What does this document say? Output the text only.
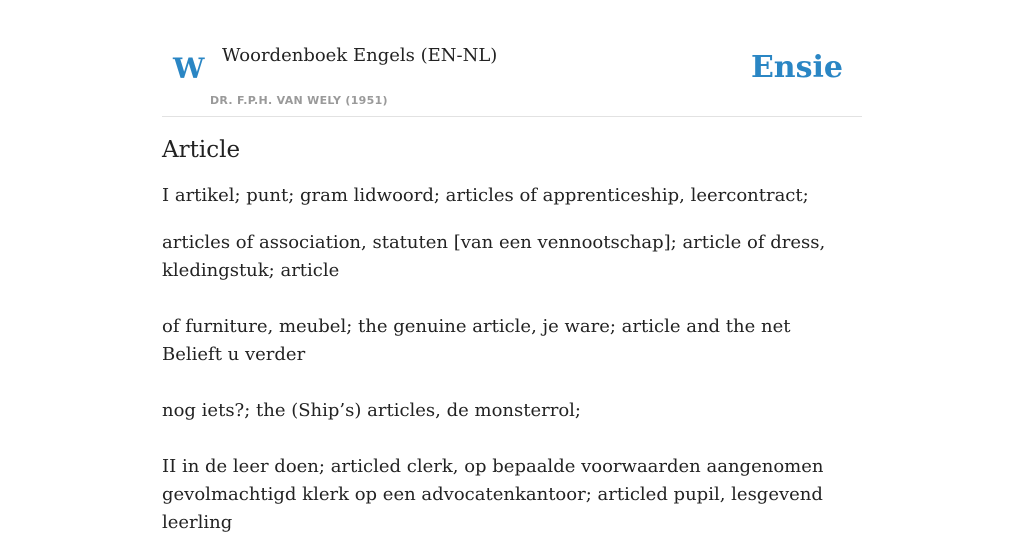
W Woordenboek Engels (EN-NL)
DR. F.P.H. VAN WELY (1951)
Ensie
Article

I artikel; punt; gram lidwoord; articles of apprenticeship, leercontract;

articles of association, statuten [van een vennootschap]; article of dress, kledingstuk; article

of furniture, meubel; the genuine article, je ware; article and the net Belieft u verder

nog iets?; the (Ship’s) articles, de monsterrol;

II in de leer doen; articled clerk, op bepaalde voorwaarden aangenomen gevolmachtigd klerk op een advocatenkantoor; articled pupil, lesgevend leerling
